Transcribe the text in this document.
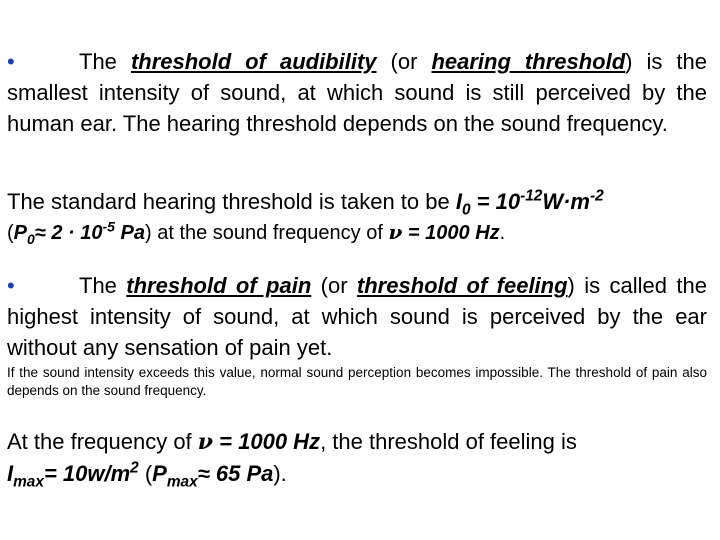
•	The threshold of audibility (or hearing threshold) is the smallest intensity of sound, at which sound is still perceived by the human ear. The hearing threshold depends on the sound frequency.

The standard hearing threshold is taken to be $I_0 = 10^{-12}W\cdot m^{-2}$
($P_0\approx 2 \cdot 10^{-5}$ Pa) at the sound frequency of ν = 1000 Hz.

•	The threshold of pain (or threshold of feeling) is called the highest intensity of sound, at which sound is perceived by the ear without any sensation of pain yet.

If the sound intensity exceeds this value, normal sound perception becomes impossible. The threshold of pain also depends on the sound frequency.

At the frequency of ν = 1000 Hz, the threshold of feeling is
$I_{max}= 10w/m^2$ ($P_{max}\approx 65$ Pa).
